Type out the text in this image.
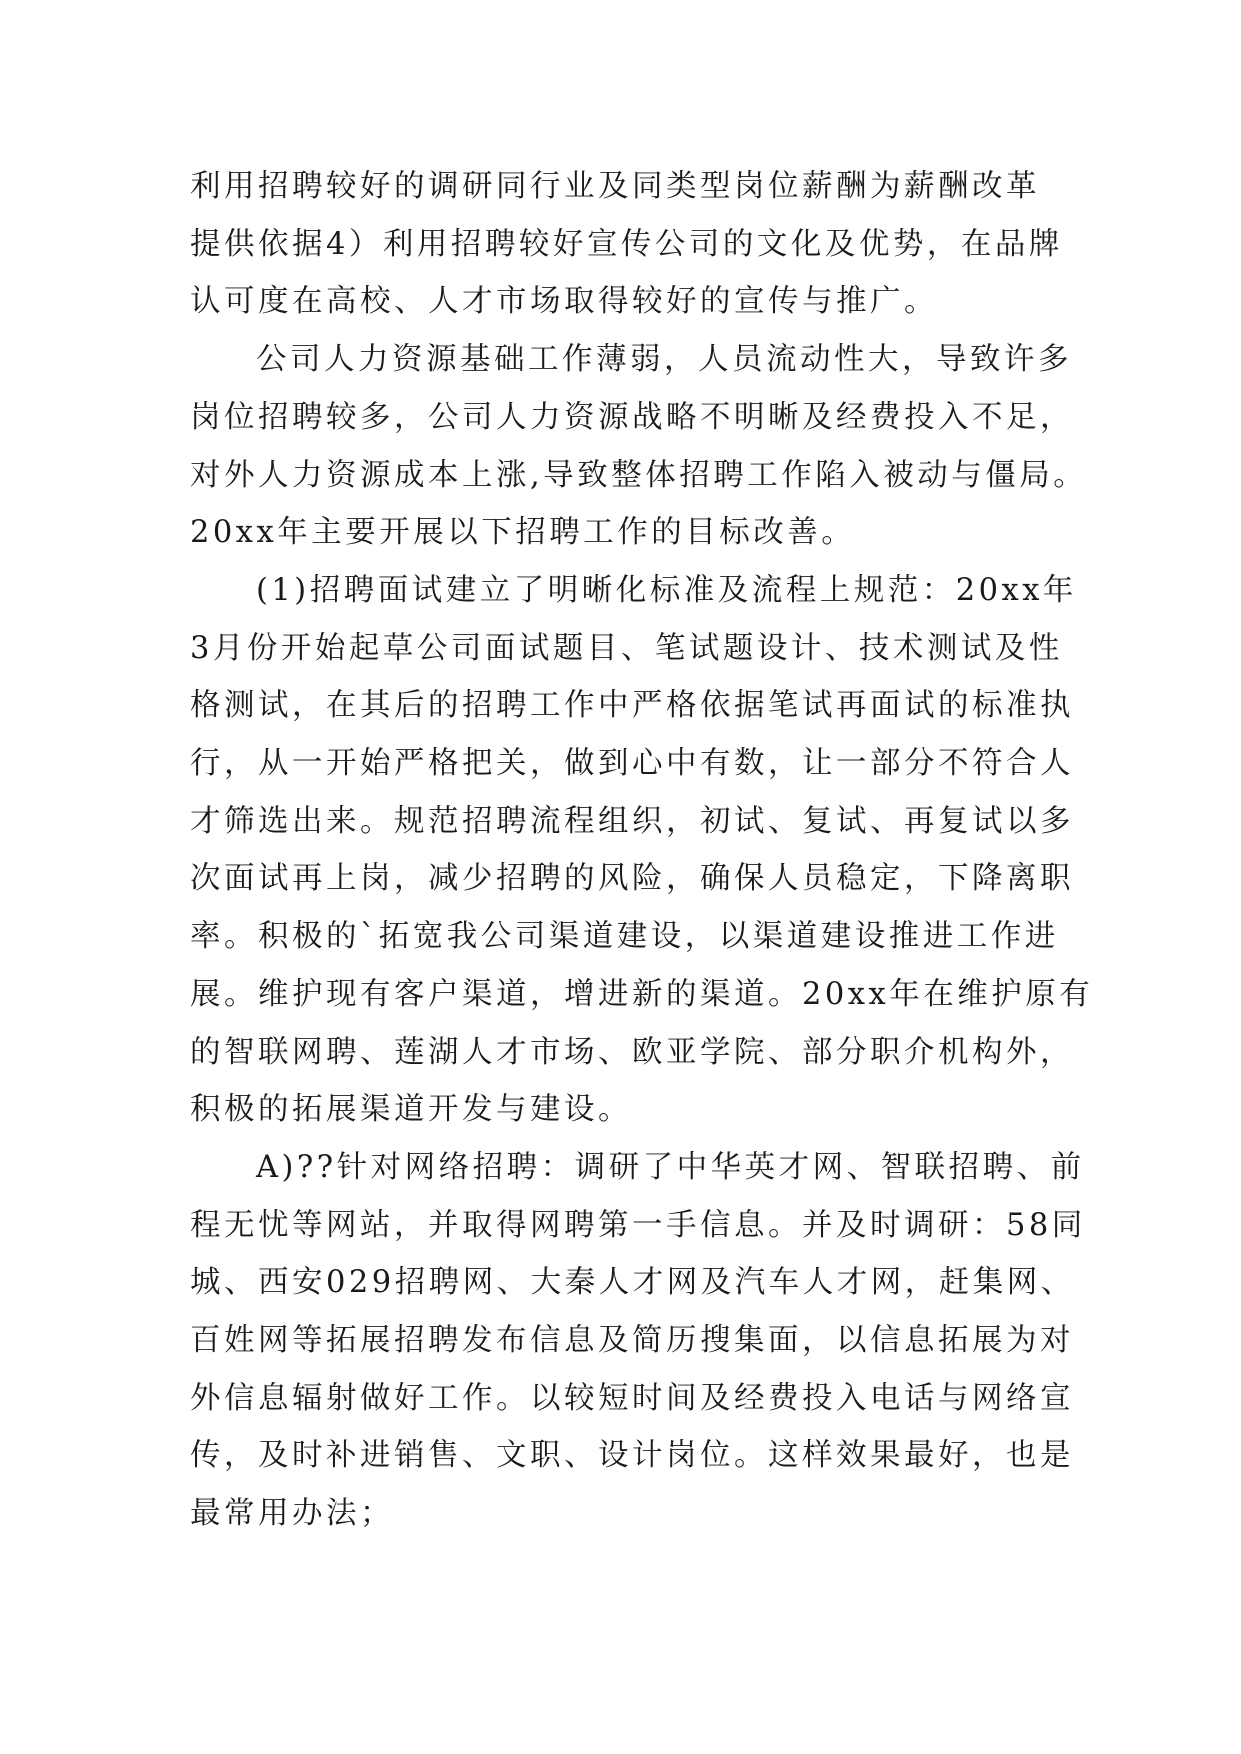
利用招聘较好的调研同行业及同类型岗位薪酬为薪酬改革
提供依据4）利用招聘较好宣传公司的文化及优势，在品牌
认可度在高校、人才市场取得较好的宣传与推广。

公司人力资源基础工作薄弱，人员流动性大，导致许多
岗位招聘较多，公司人力资源战略不明晰及经费投入不足，
对外人力资源成本上涨,导致整体招聘工作陷入被动与僵局。
20xx年主要开展以下招聘工作的目标改善。

(1)招聘面试建立了明晰化标准及流程上规范：20xx年
3月份开始起草公司面试题目、笔试题设计、技术测试及性
格测试，在其后的招聘工作中严格依据笔试再面试的标准执
行，从一开始严格把关，做到心中有数，让一部分不符合人
才筛选出来。规范招聘流程组织，初试、复试、再复试以多
次面试再上岗，减少招聘的风险，确保人员稳定，下降离职
率。积极的`拓宽我公司渠道建设，以渠道建设推进工作进
展。维护现有客户渠道，增进新的渠道。20xx年在维护原有
的智联网聘、莲湖人才市场、欧亚学院、部分职介机构外，
积极的拓展渠道开发与建设。

A)??针对网络招聘：调研了中华英才网、智联招聘、前
程无忧等网站，并取得网聘第一手信息。并及时调研：58同
城、西安029招聘网、大秦人才网及汽车人才网，赶集网、
百姓网等拓展招聘发布信息及简历搜集面，以信息拓展为对
外信息辐射做好工作。以较短时间及经费投入电话与网络宣
传，及时补进销售、文职、设计岗位。这样效果最好，也是
最常用办法；
